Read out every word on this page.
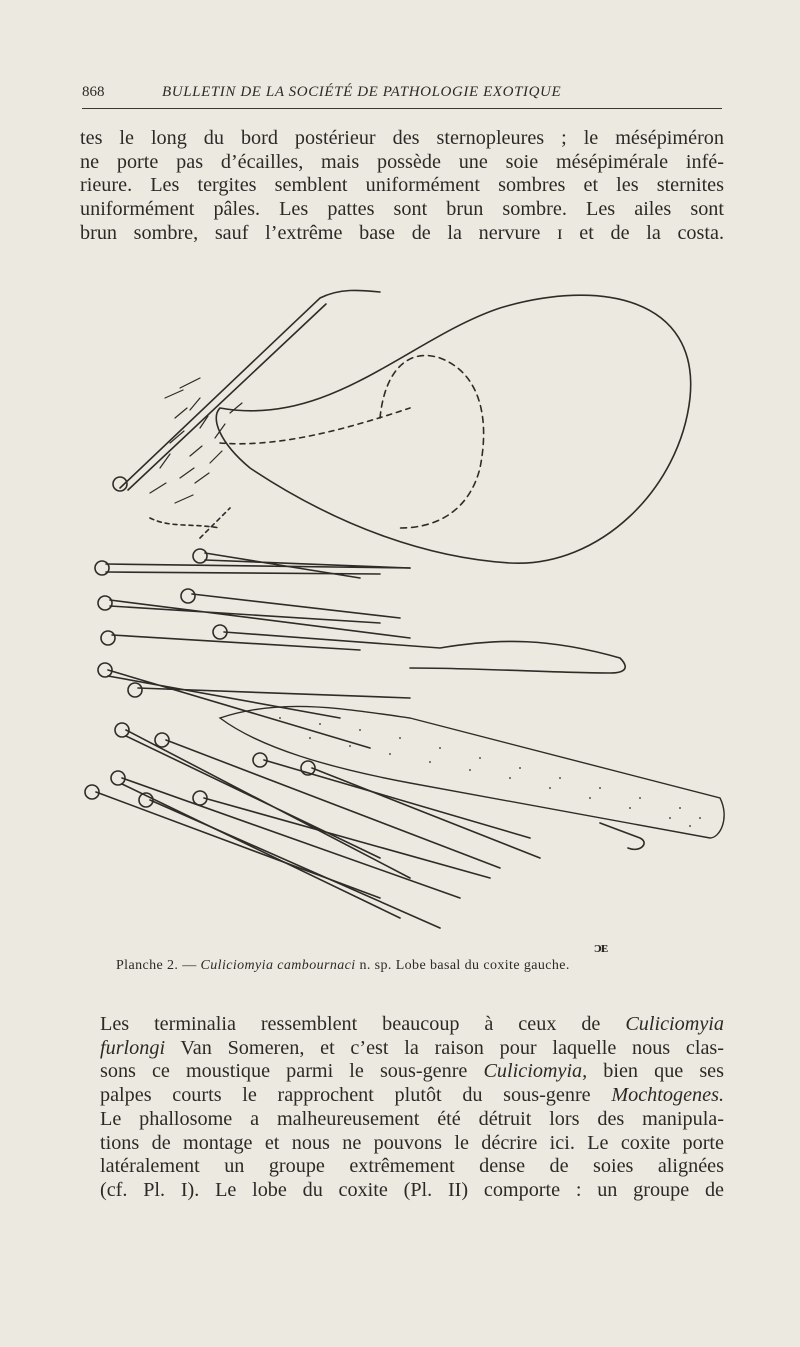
868	BULLETIN DE LA SOCIÉTÉ DE PATHOLOGIE EXOTIQUE

tes le long du bord postérieur des sternopleures ; le mésépiméron
ne porte pas d’écailles, mais possède une soie mésépimérale infé-
rieure. Les tergites semblent uniformément sombres et les sternites
uniformément pâles. Les pattes sont brun sombre. Les ailes sont
brun sombre, sauf l’extrême base de la nervure ɪ et de la costa.

ᴐᴇ
Planche 2. — Culiciomyia cambournaci n. sp. Lobe basal du coxite gauche.

Les terminalia ressemblent beaucoup à ceux de Culiciomyia
furlongi Van Someren, et c’est la raison pour laquelle nous clas-
sons ce moustique parmi le sous-genre Culiciomyia, bien que ses
palpes courts le rapprochent plutôt du sous-genre Mochtogenes.
Le phallosome a malheureusement été détruit lors des manipula-
tions de montage et nous ne pouvons le décrire ici. Le coxite porte
latéralement un groupe extrêmement dense de soies alignées
(cf. Pl. I). Le lobe du coxite (Pl. II) comporte : un groupe de
